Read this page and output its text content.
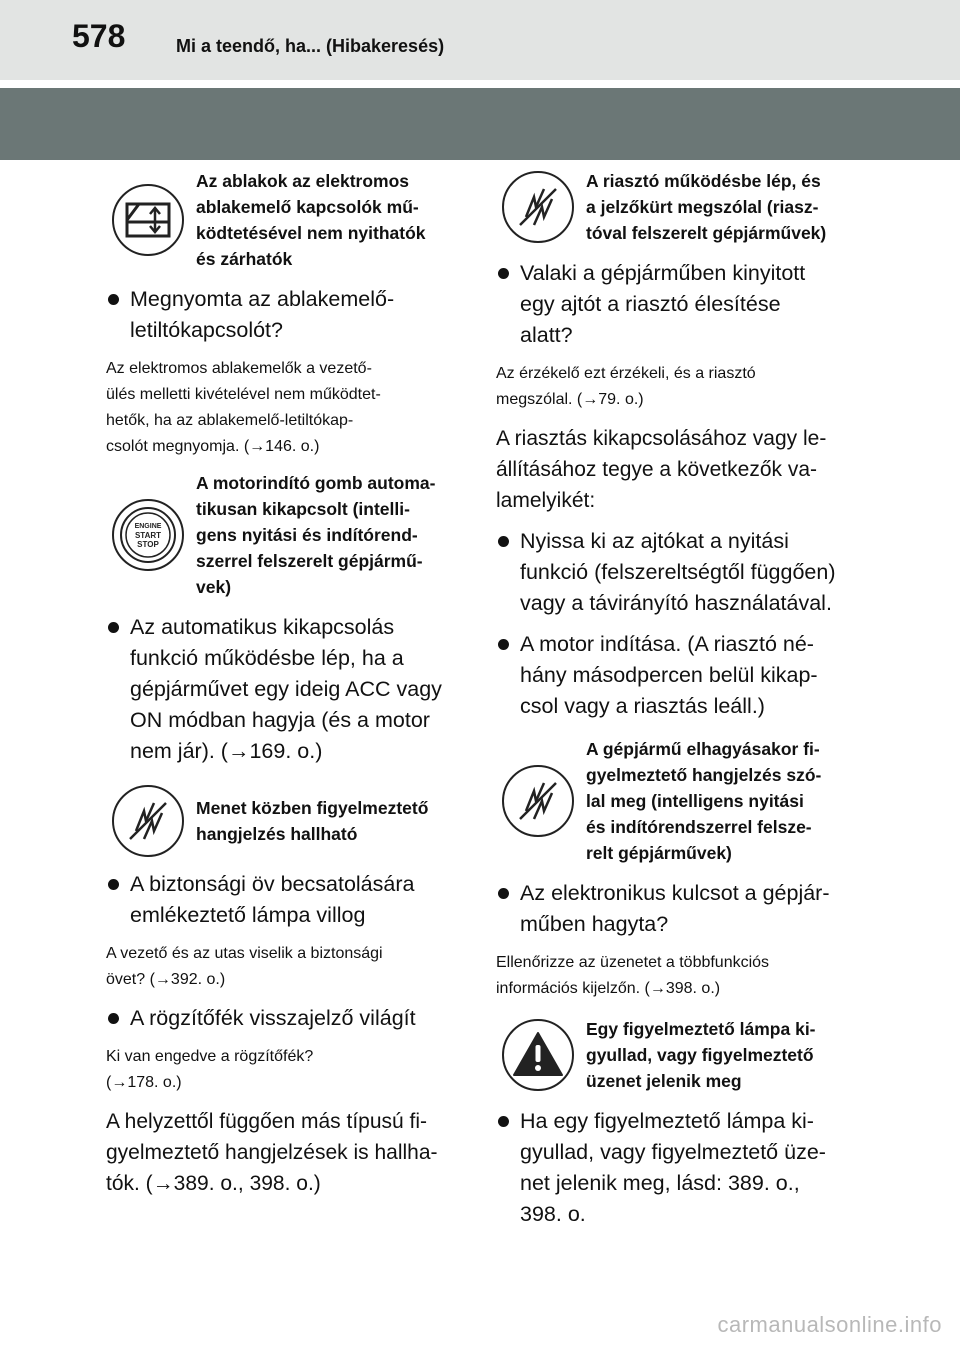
578	Mi a teendő, ha... (Hibakeresés)
Az ablakok az elektromos
ablakemelő kapcsolók mű-
ködtetésével nem nyithatók
és zárhatók
Megnyomta az ablakemelő-
letiltókapcsolót?
Az elektromos ablakemelők a vezető-
ülés melletti kivételével nem működtet-
hetők, ha az ablakemelő-letiltókap-
csolót megnyomja. (→146. o.)
ENGINE
START
STOP
A motorindító gomb automa-
tikusan kikapcsolt (intelli-
gens nyitási és indítórend-
szerrel felszerelt gépjármű-
vek)
Az automatikus kikapcsolás
funkció működésbe lép, ha a
gépjárművet egy ideig ACC vagy
ON módban hagyja (és a motor
nem jár). (→169. o.)
Menet közben figyelmeztető
hangjelzés hallható
A biztonsági öv becsatolására
emlékeztető lámpa villog
A vezető és az utas viselik a biztonsági
övet? (→392. o.)
A rögzítőfék visszajelző világít
Ki van engedve a rögzítőfék?
(→178. o.)
A helyzettől függően más típusú fi-
gyelmeztető hangjelzések is hallha-
tók. (→389. o., 398. o.)
A riasztó működésbe lép, és
a jelzőkürt megszólal (riasz-
tóval felszerelt gépjárművek)
Valaki a gépjárműben kinyitott
egy ajtót a riasztó élesítése
alatt?
Az érzékelő ezt érzékeli, és a riasztó
megszólal. (→79. o.)
A riasztás kikapcsolásához vagy le-
állításához tegye a következők va-
lamelyikét:
Nyissa ki az ajtókat a nyitási
funkció (felszereltségtől függően)
vagy a távirányító használatával.
A motor indítása. (A riasztó né-
hány másodpercen belül kikap-
csol vagy a riasztás leáll.)
A gépjármű elhagyásakor fi-
gyelmeztető hangjelzés szó-
lal meg (intelligens nyitási
és indítórendszerrel felsze-
relt gépjárművek)
Az elektronikus kulcsot a gépjár-
műben hagyta?
Ellenőrizze az üzenetet a többfunkciós
információs kijelzőn. (→398. o.)
Egy figyelmeztető lámpa ki-
gyullad, vagy figyelmeztető
üzenet jelenik meg
Ha egy figyelmeztető lámpa ki-
gyullad, vagy figyelmeztető üze-
net jelenik meg, lásd: 389. o.,
398. o.
carmanualsonline.info
